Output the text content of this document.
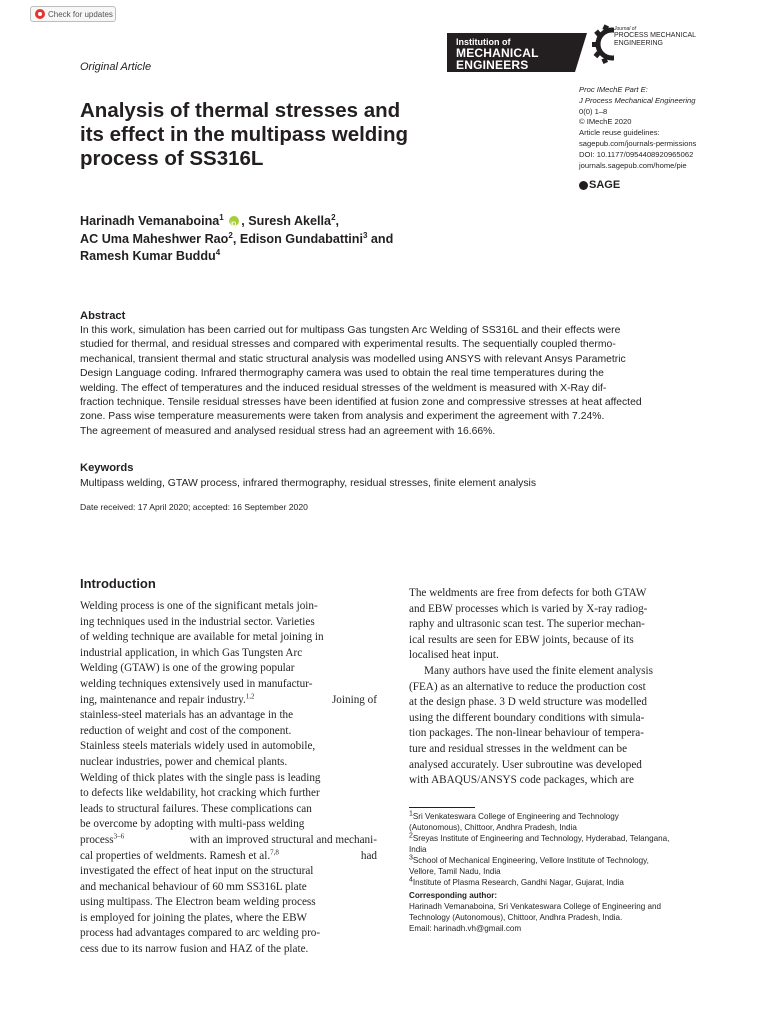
Check for updates
Original Article
Institution of
MECHANICAL
ENGINEERS
Journal of
PROCESS MECHANICAL
ENGINEERING
Analysis of thermal stresses and
its effect in the multipass welding
process of SS316L
Proc IMechE Part E:
J Process Mechanical Engineering
0(0) 1–8
© IMechE 2020
Article reuse guidelines:
sagepub.com/journals-permissions
DOI: 10.1177/0954408920965062
journals.sagepub.com/home/pie
SAGE
Harinadh Vemanaboina$^1$ iD , Suresh Akella$^2$,
AC Uma Maheshwer Rao$^2$, Edison Gundabattini$^3$ and
Ramesh Kumar Buddu$^4$
Abstract
In this work, simulation has been carried out for multipass Gas tungsten Arc Welding of SS316L and their effects were
studied for thermal, and residual stresses and compared with experimental results. The sequentially coupled thermo-
mechanical, transient thermal and static structural analysis was modelled using ANSYS with relevant Ansys Parametric
Design Language coding. Infrared thermography camera was used to obtain the real time temperatures during the
welding. The effect of temperatures and the induced residual stresses of the weldment is measured with X-Ray dif-
fraction technique. Tensile residual stresses have been identified at fusion zone and compressive stresses at heat affected
zone. Pass wise temperature measurements were taken from analysis and experiment the agreement with 7.24%.
The agreement of measured and analysed residual stress had an agreement with 16.66%.
Keywords
Multipass welding, GTAW process, infrared thermography, residual stresses, finite element analysis
Date received: 17 April 2020; accepted: 16 September 2020
Introduction
Welding process is one of the significant metals join-
ing techniques used in the industrial sector. Varieties
of welding technique are available for metal joining in
industrial application, in which Gas Tungsten Arc
Welding (GTAW) is one of the growing popular
welding techniques extensively used in manufactur-
ing, maintenance and repair industry.$^{1,2}$	Joining of
stainless-steel materials has an advantage in the
reduction of weight and cost of the component.
Stainless steels materials widely used in automobile,
nuclear industries, power and chemical plants.
Welding of thick plates with the single pass is leading
to defects like weldability, hot cracking which further
leads to structural failures. These complications can
be overcome by adopting with multi-pass welding
process$^{3-6}$	with an improved structural and mechani-
cal properties of weldments. Ramesh et al.$^{7,8}$	had
investigated the effect of heat input on the structural
and mechanical behaviour of 60 mm SS316L plate
using multipass. The Electron beam welding process
is employed for joining the plates, where the EBW
process had advantages compared to arc welding pro-
cess due to its narrow fusion and HAZ of the plate.
The weldments are free from defects for both GTAW
and EBW processes which is varied by X-ray radiog-
raphy and ultrasonic scan test. The superior mechan-
ical results are seen for EBW joints, because of its
localised heat input.
Many authors have used the finite element analysis
(FEA) as an alternative to reduce the production cost
at the design phase. 3 D weld structure was modelled
using the different boundary conditions with simula-
tion packages. The non-linear behaviour of tempera-
ture and residual stresses in the weldment can be
analysed accurately. User subroutine was developed
with ABAQUS/ANSYS code packages, which are
$^1$Sri Venkateswara College of Engineering and Technology
(Autonomous), Chittoor, Andhra Pradesh, India
$^2$Sreyas Institute of Engineering and Technology, Hyderabad, Telangana,
India
$^3$School of Mechanical Engineering, Vellore Institute of Technology,
Vellore, Tamil Nadu, India
$^4$Institute of Plasma Research, Gandhi Nagar, Gujarat, India
Corresponding author:
Harinadh Vemanaboina, Sri Venkateswara College of Engineering and
Technology (Autonomous), Chittoor, Andhra Pradesh, India.
Email: harinadh.vh@gmail.com
